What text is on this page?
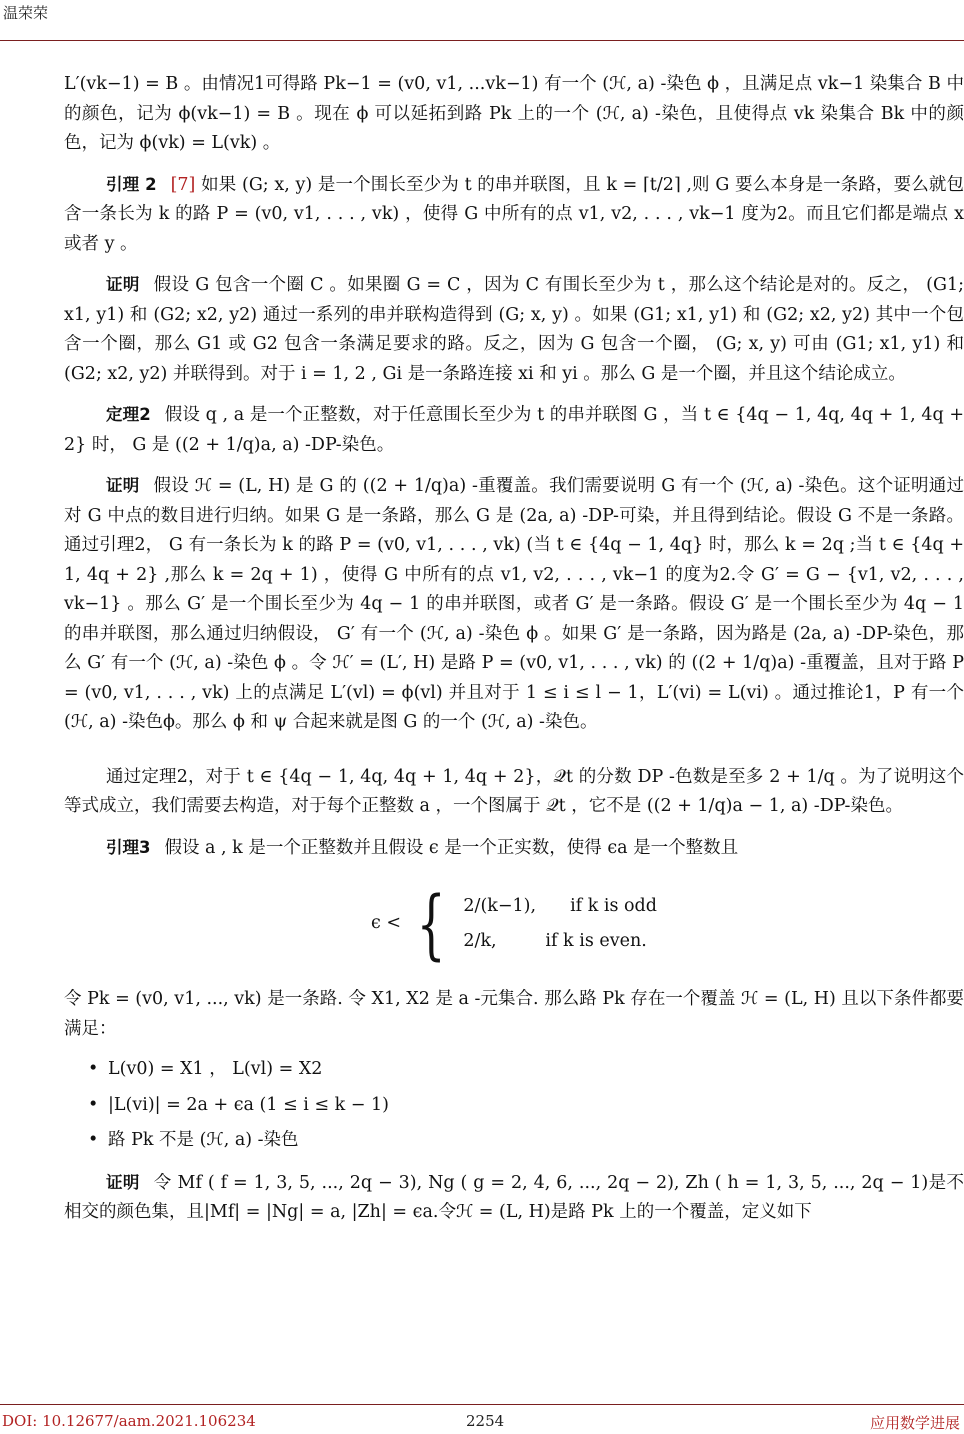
温荣荣

L′(vk−1) = B 。由情况1可得路 Pk−1 = (v0, v1, ...vk−1) 有一个 (ℋ, a) -染色 ϕ ，且满足点 vk−1 染集合 B 中的颜色，记为 ϕ(vk−1) = B 。现在 ϕ 可以延拓到路 Pk 上的一个 (ℋ, a) -染色，且使得点 vk 染集合 Bk 中的颜色，记为 ϕ(vk) = L(vk) 。

引理 2 [7] 如果 (G; x, y) 是一个围长至少为 t 的串并联图，且 k = ⌈t/2⌉ ,则 G 要么本身是一条路，要么就包含一条长为 k 的路 P = (v0, v1, . . . , vk) ，使得 G 中所有的点 v1, v2, . . . , vk−1 度为2。而且它们都是端点 x 或者 y 。

证明 假设 G 包含一个圈 C 。如果圈 G = C ，因为 C 有围长至少为 t ，那么这个结论是对的。反之， (G1; x1, y1) 和 (G2; x2, y2) 通过一系列的串并联构造得到 (G; x, y) 。如果 (G1; x1, y1) 和 (G2; x2, y2) 其中一个包含一个圈，那么 G1 或 G2 包含一条满足要求的路。反之，因为 G 包含一个圈， (G; x, y) 可由 (G1; x1, y1) 和 (G2; x2, y2) 并联得到。对于 i = 1, 2 , Gi 是一条路连接 xi 和 yi 。那么 G 是一个圈，并且这个结论成立。

定理2 假设 q , a 是一个正整数，对于任意围长至少为 t 的串并联图 G ，当 t ∈ {4q − 1, 4q, 4q + 1, 4q + 2} 时， G 是 ((2 + 1/q)a, a) -DP-染色。

证明 假设 ℋ = (L, H) 是 G 的 ((2 + 1/q)a) -重覆盖。我们需要说明 G 有一个 (ℋ, a) -染色。这个证明通过对 G 中点的数目进行归纳。如果 G 是一条路，那么 G 是 (2a, a) -DP-可染，并且得到结论。假设 G 不是一条路。通过引理2， G 有一条长为 k 的路 P = (v0, v1, . . . , vk) (当 t ∈ {4q − 1, 4q} 时，那么 k = 2q ;当 t ∈ {4q + 1, 4q + 2} ,那么 k = 2q + 1) ，使得 G 中所有的点 v1, v2, . . . , vk−1 的度为2.令 G′ = G − {v1, v2, . . . , vk−1} 。那么 G′ 是一个围长至少为 4q − 1 的串并联图，或者 G′ 是一条路。假设 G′ 是一个围长至少为 4q − 1 的串并联图，那么通过归纳假设， G′ 有一个 (ℋ, a) -染色 ϕ 。如果 G′ 是一条路，因为路是 (2a, a) -DP-染色，那么 G′ 有一个 (ℋ, a) -染色 ϕ 。令 ℋ′ = (L′, H) 是路 P = (v0, v1, . . . , vk) 的 ((2 + 1/q)a) -重覆盖，且对于路 P = (v0, v1, . . . , vk) 上的点满足 L′(vl) = ϕ(vl) 并且对于 1 ≤ i ≤ l − 1，L′(vi) = L(vi) 。通过推论1，P 有一个 (ℋ, a) -染色ϕ。那么 ϕ 和 ψ 合起来就是图 G 的一个 (ℋ, a) -染色。

通过定理2，对于 t ∈ {4q − 1, 4q, 4q + 1, 4q + 2}，𝒬t 的分数 DP -色数是至多 2 + 1/q 。为了说明这个等式成立，我们需要去构造，对于每个正整数 a ，一个图属于 𝒬t ，它不是 ((2 + 1/q)a − 1, a) -DP-染色。

引理3 假设 a , k 是一个正整数并且假设 ϵ 是一个正实数，使得 ϵa 是一个整数且

ϵ < { 2/(k−1), if k is odd
2/k,	if k is even.

令 Pk = (v0, v1, ..., vk) 是一条路. 令 X1, X2 是 a -元集合. 那么路 Pk 存在一个覆盖 ℋ = (L, H) 且以下条件都要满足：

• L(v0) = X1 ， L(vl) = X2
• |L(vi)| = 2a + ϵa (1 ≤ i ≤ k − 1)
• 路 Pk 不是 (ℋ, a) -染色

证明 令 Mf ( f = 1, 3, 5, ..., 2q − 3), Ng ( g = 2, 4, 6, ..., 2q − 2), Zh ( h = 1, 3, 5, ..., 2q − 1)是不相交的颜色集，且|Mf| = |Ng| = a, |Zh| = ϵa.令ℋ = (L, H)是路 Pk 上的一个覆盖，定义如下

DOI: 10.12677/aam.2021.106234	2254	应用数学进展
